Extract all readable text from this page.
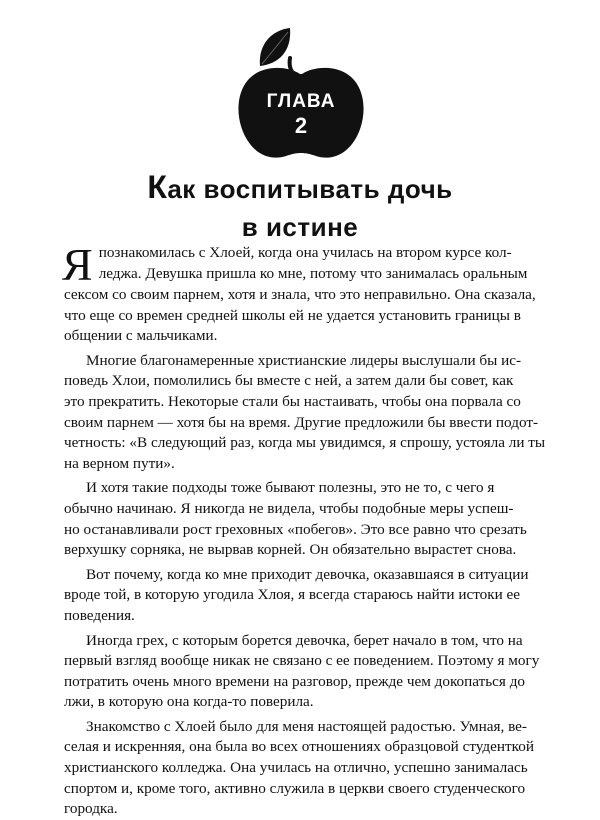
ГЛАВА
2
Как воспитывать дочь
в истине

Я познакомилась с Хлоей, когда она училась на втором курсе кол-
леджа. Девушка пришла ко мне, потому что занималась оральным
сексом со своим парнем, хотя и знала, что это неправильно. Она сказала,
что еще со времен средней школы ей не удается установить границы в
общении с мальчиками.

Многие благонамеренные христианские лидеры выслушали бы ис-
поведь Хлои, помолились бы вместе с ней, а затем дали бы совет, как
это прекратить. Некоторые стали бы настаивать, чтобы она порвала со
своим парнем — хотя бы на время. Другие предложили бы ввести подот-
четность: «В следующий раз, когда мы увидимся, я спрошу, устояла ли ты
на верном пути».

И хотя такие подходы тоже бывают полезны, это не то, с чего я
обычно начинаю. Я никогда не видела, чтобы подобные меры успеш-
но останавливали рост греховных «побегов». Это все равно что срезать
верхушку сорняка, не вырвав корней. Он обязательно вырастет снова.

Вот почему, когда ко мне приходит девочка, оказавшаяся в ситуации
вроде той, в которую угодила Хлоя, я всегда стараюсь найти истоки ее
поведения.

Иногда грех, с которым борется девочка, берет начало в том, что на
первый взгляд вообще никак не связано с ее поведением. Поэтому я могу
потратить очень много времени на разговор, прежде чем докопаться до
лжи, в которую она когда-то поверила.

Знакомство с Хлоей было для меня настоящей радостью. Умная, ве-
селая и искренняя, она была во всех отношениях образцовой студенткой
христианского колледжа. Она училась на отлично, успешно занималась
спортом и, кроме того, активно служила в церкви своего студенческого
городка.
